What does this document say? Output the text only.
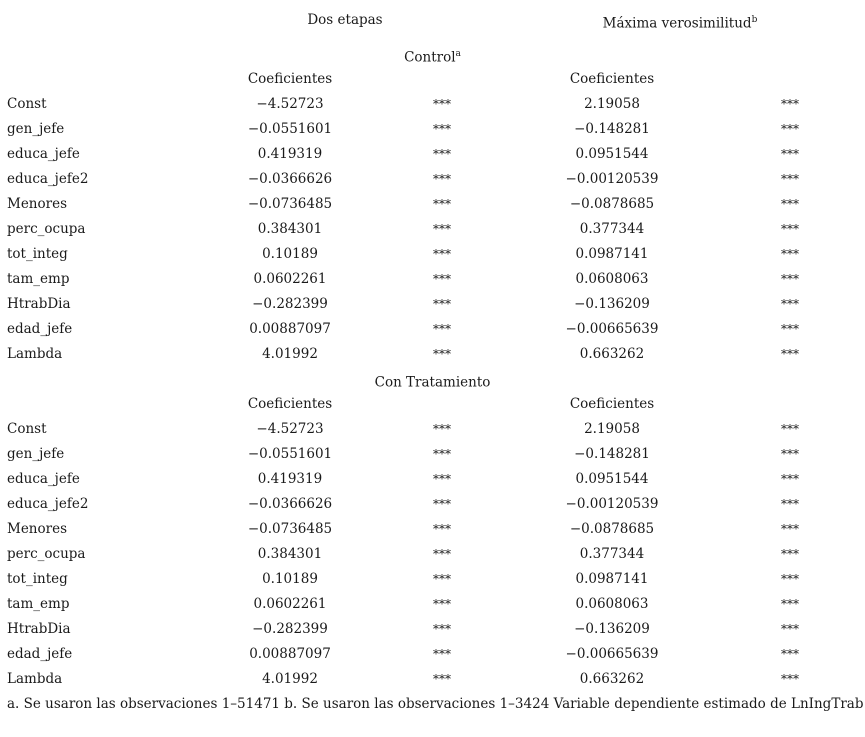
Dos etapas	Máxima verosimilitud$^b$
Control$^a$
Coeficientes	Coeficientes
Const	−4.52723	***	2.19058	***
gen_jefe	−0.0551601	***	−0.148281	***
educa_jefe	0.419319	***	0.0951544	***
educa_jefe2	−0.0366626	***	−0.00120539	***
Menores	−0.0736485	***	−0.0878685	***
perc_ocupa	0.384301	***	0.377344	***
tot_integ	0.10189	***	0.0987141	***
tam_emp	0.0602261	***	0.0608063	***
HtrabDia	−0.282399	***	−0.136209	***
edad_jefe	0.00887097	***	−0.00665639	***
Lambda	4.01992	***	0.663262	***
Con Tratamiento
Coeficientes	Coeficientes
Const	−4.52723	***	2.19058	***
gen_jefe	−0.0551601	***	−0.148281	***
educa_jefe	0.419319	***	0.0951544	***
educa_jefe2	−0.0366626	***	−0.00120539	***
Menores	−0.0736485	***	−0.0878685	***
perc_ocupa	0.384301	***	0.377344	***
tot_integ	0.10189	***	0.0987141	***
tam_emp	0.0602261	***	0.0608063	***
HtrabDia	−0.282399	***	−0.136209	***
edad_jefe	0.00887097	***	−0.00665639	***
Lambda	4.01992	***	0.663262	***
a. Se usaron las observaciones 1–51471 b. Se usaron las observaciones 1–3424 Variable dependiente estimado de LnIngTrab
